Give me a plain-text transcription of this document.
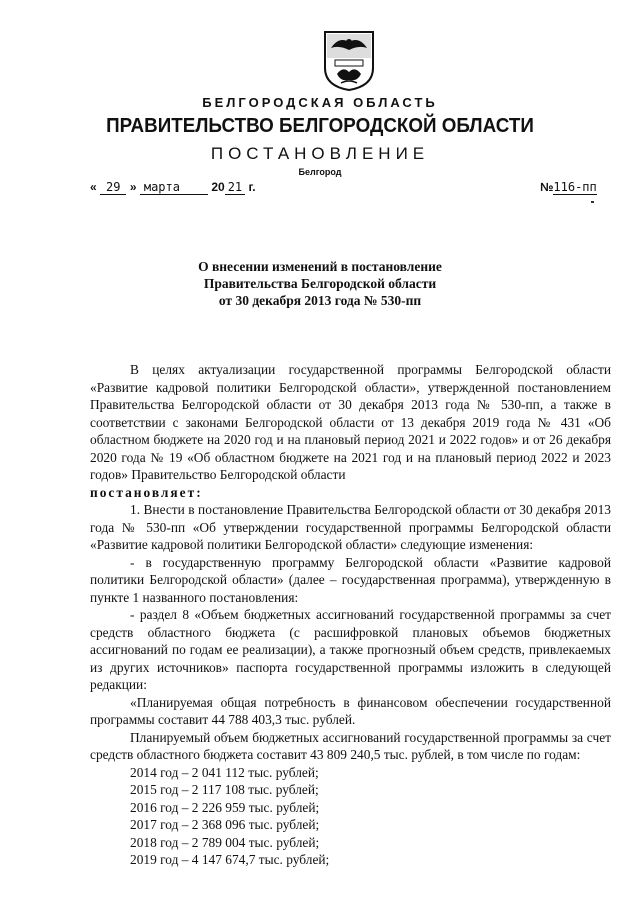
БЕЛГОРОДСКАЯ ОБЛАСТЬ
ПРАВИТЕЛЬСТВО БЕЛГОРОДСКОЙ ОБЛАСТИ
ПОСТАНОВЛЕНИЕ
Белгород
« 29 » марта	20 21 г.	№116-пп
О внесении изменений в постановление
Правительства Белгородской области
от 30 декабря 2013 года № 530-пп

В целях актуализации государственной программы Белгородской области «Развитие кадровой политики Белгородской области», утвержденной постановлением Правительства Белгородской области от 30 декабря 2013 года № 530-пп, а также в соответствии с законами Белгородской области от 13 декабря 2019 года № 431 «Об областном бюджете на 2020 год и на плановый период 2021 и 2022 годов» и от 26 декабря 2020 года № 19 «Об областном бюджете на 2021 год и на плановый период 2022 и 2023 годов» Правительство Белгородской области

постановляет:

1. Внести в постановление Правительства Белгородской области от 30 декабря 2013 года № 530-пп «Об утверждении государственной программы Белгородской области «Развитие кадровой политики Белгородской области» следующие изменения:

- в государственную программу Белгородской области «Развитие кадровой политики Белгородской области» (далее – государственная программа), утвержденную в пункте 1 названного постановления:

- раздел 8 «Объем бюджетных ассигнований государственной программы за счет средств областного бюджета (с расшифровкой плановых объемов бюджетных ассигнований по годам ее реализации), а также прогнозный объем средств, привлекаемых из других источников» паспорта государственной программы изложить в следующей редакции:

«Планируемая общая потребность в финансовом обеспечении государственной программы составит 44 788 403,3 тыс. рублей.

Планируемый объем бюджетных ассигнований государственной программы за счет средств областного бюджета составит 43 809 240,5 тыс. рублей, в том числе по годам:

2014 год – 2 041 112 тыс. рублей;
2015 год – 2 117 108 тыс. рублей;
2016 год – 2 226 959 тыс. рублей;
2017 год – 2 368 096 тыс. рублей;
2018 год – 2 789 004 тыс. рублей;
2019 год – 4 147 674,7 тыс. рублей;
